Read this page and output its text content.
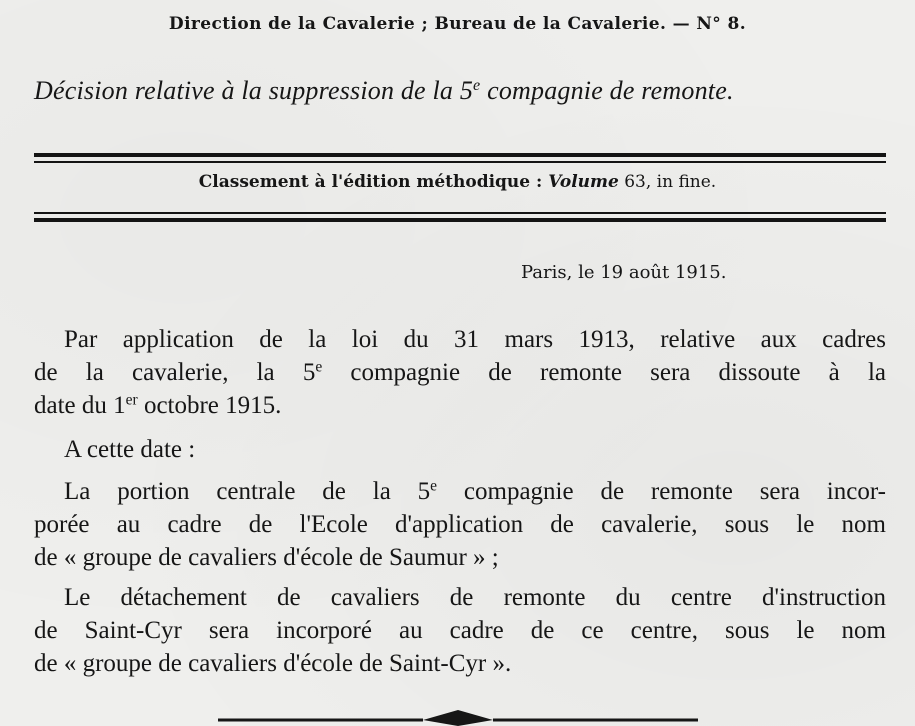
Direction de la Cavalerie ; Bureau de la Cavalerie. — N° 8.
Décision relative à la suppression de la 5e compagnie de remonte.
Classement à l'édition méthodique : Volume 63, in fine.
Paris, le 19 août 1915.
Par application de la loi du 31 mars 1913, relative aux cadres
de la cavalerie, la 5e compagnie de remonte sera dissoute à la
date du 1er octobre 1915.
A cette date :
La portion centrale de la 5e compagnie de remonte sera incor-
porée au cadre de l'Ecole d'application de cavalerie, sous le nom
de « groupe de cavaliers d'école de Saumur » ;
Le détachement de cavaliers de remonte du centre d'instruction
de Saint-Cyr sera incorporé au cadre de ce centre, sous le nom
de « groupe de cavaliers d'école de Saint-Cyr ».
